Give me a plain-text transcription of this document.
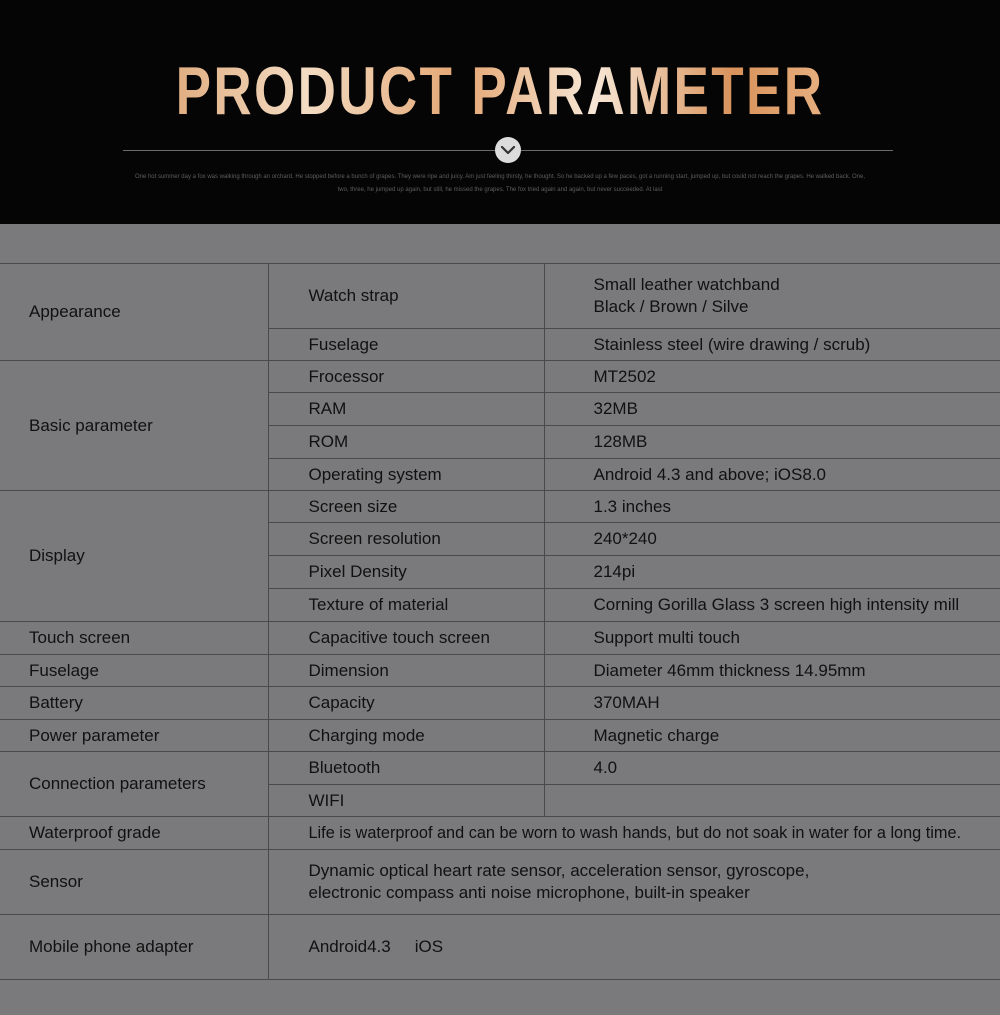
PRODUCT PARAMETER
One hot summer day a fox was walking through an orchard. He stopped before a bunch of grapes. They were ripe and juicy. Am just feeling thirsty, he thought. So he backed up a few paces, got a running start, jumped up, but could not reach the grapes. He walked back. One, two, three, he jumped up again, but still, he missed the grapes. The fox tried again and again, but never succeeded. At last
Appearance	Watch strap	Small leather watchband
Black / Brown / Silve
	Fuselage	Stainless steel (wire drawing / scrub)
Basic parameter	Frocessor	MT2502
	RAM	32MB
	ROM	128MB
	Operating system	Android 4.3 and above; iOS8.0
Display	Screen size	1.3 inches
	Screen resolution	240*240
	Pixel Density	214pi
	Texture of material	Corning Gorilla Glass 3 screen high intensity mill
Touch screen	Capacitive touch screen	Support multi touch
Fuselage	Dimension	Diameter 46mm thickness 14.95mm
Battery	Capacity	370MAH
Power parameter	Charging mode	Magnetic charge
Connection parameters	Bluetooth	4.0
	WIFI	
Waterproof grade	Life is waterproof and can be worn to wash hands, but do not soak in water for a long time.	
Sensor	Dynamic optical heart rate sensor, acceleration sensor, gyroscope,
electronic compass anti noise microphone, built-in speaker	
Mobile phone adapter	Android4.3 iOS	
